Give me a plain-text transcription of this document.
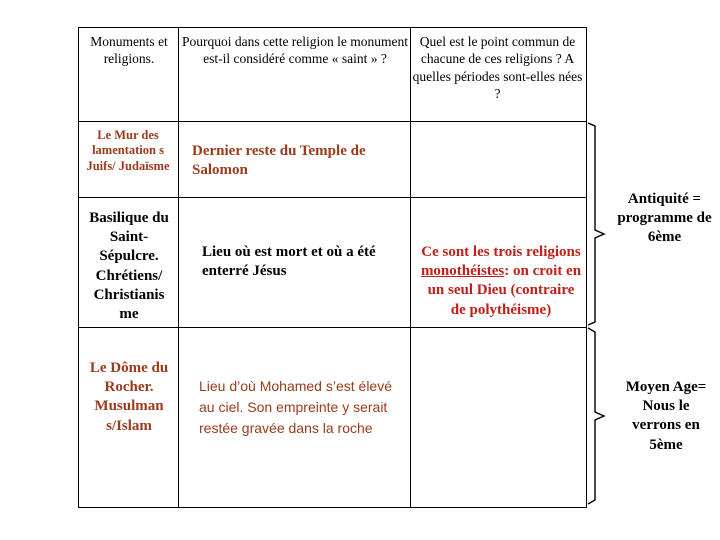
Monuments et religions.
Pourquoi dans cette religion le monument est-il considéré comme « saint » ?
Quel est le point commun de chacune de ces religions ? A quelles périodes sont-elles nées ?
Le Mur des lamentation s Juifs/ Judaïsme
Basilique du Saint-Sépulcre. Chrétiens/ Christianis me
Le Dôme du Rocher. Musulman s/Islam
Dernier reste du Temple de Salomon
Lieu où est mort et où a été enterré Jésus
Lieu d’où Mohamed s’est élevé au ciel. Son empreinte y serait restée gravée dans la roche
Ce sont les trois religions monothéistes: on croit en un seul Dieu (contraire de polythéisme)
Antiquité = programme de 6ème
Moyen Age= Nous le verrons en 5ème
